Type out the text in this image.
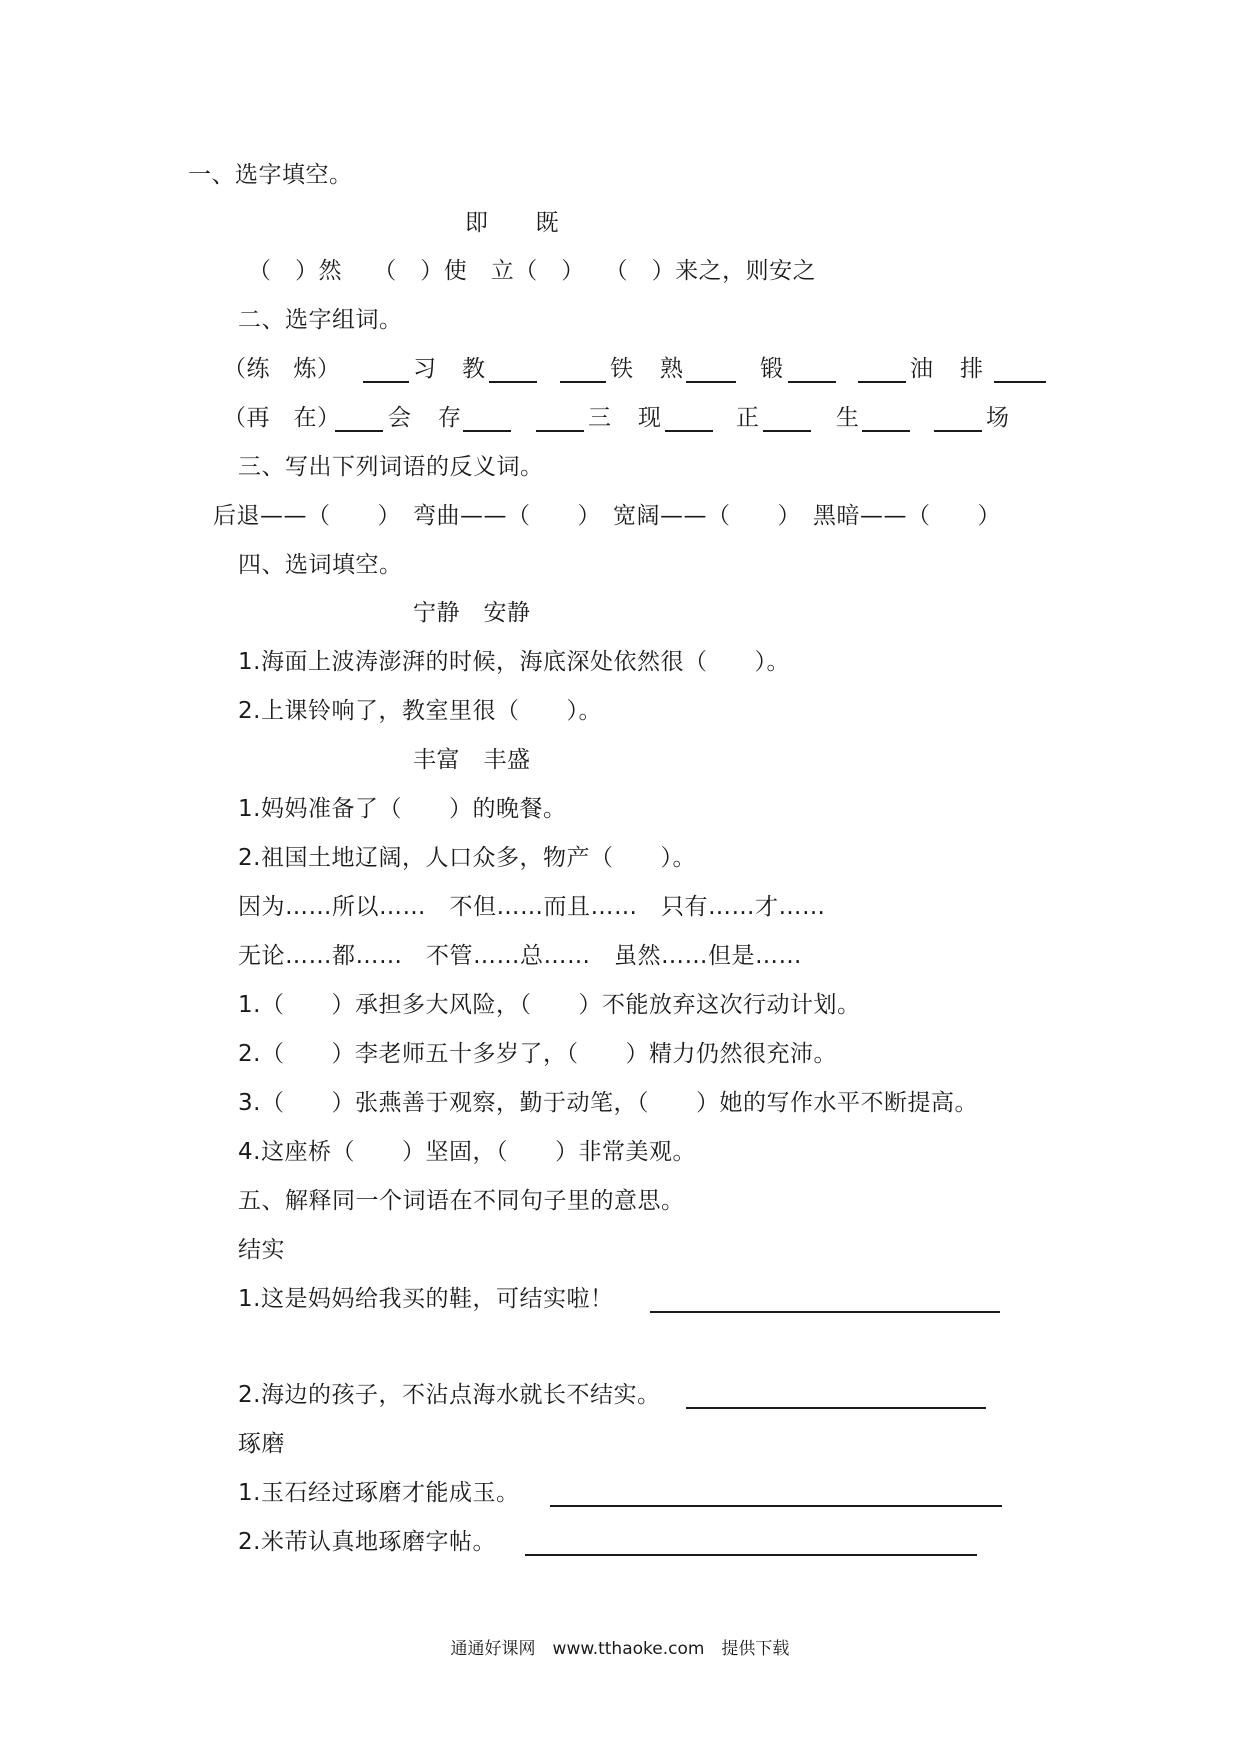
一、选字填空。
即　　既
（　）然　 （　）使　立（　）　 （　）来之，则安之
二、选字组词。
（练　炼）	习 教	铁 熟	锻	油 排
（再　在） 会 存	三 现	正	生	场
三、写出下列词语的反义词。
后退——（　　）　弯曲——（　　）　宽阔——（　　）　黑暗——（　　）
四、选词填空。
宁静　安静
1.海面上波涛澎湃的时候，海底深处依然很（　　）。
2.上课铃响了，教室里很（　　）。
丰富　丰盛
1.妈妈准备了（　　）的晚餐。
2.祖国土地辽阔，人口众多，物产（　　）。
因为……所以……　不但……而且……　只有……才……
无论……都……　不管……总……　虽然……但是……
1.（　　）承担多大风险，（　　）不能放弃这次行动计划。
2.（　　）李老师五十多岁了，（　　）精力仍然很充沛。
3.（　　）张燕善于观察，勤于动笔，（　　）她的写作水平不断提高。
4.这座桥（　　）坚固，（　　）非常美观。
五、解释同一个词语在不同句子里的意思。
结实
1.这是妈妈给我买的鞋，可结实啦！
2.海边的孩子，不沾点海水就长不结实。
琢磨
1.玉石经过琢磨才能成玉。
2.米芾认真地琢磨字帖。
通通好课网　www.tthaoke.com　提供下载
